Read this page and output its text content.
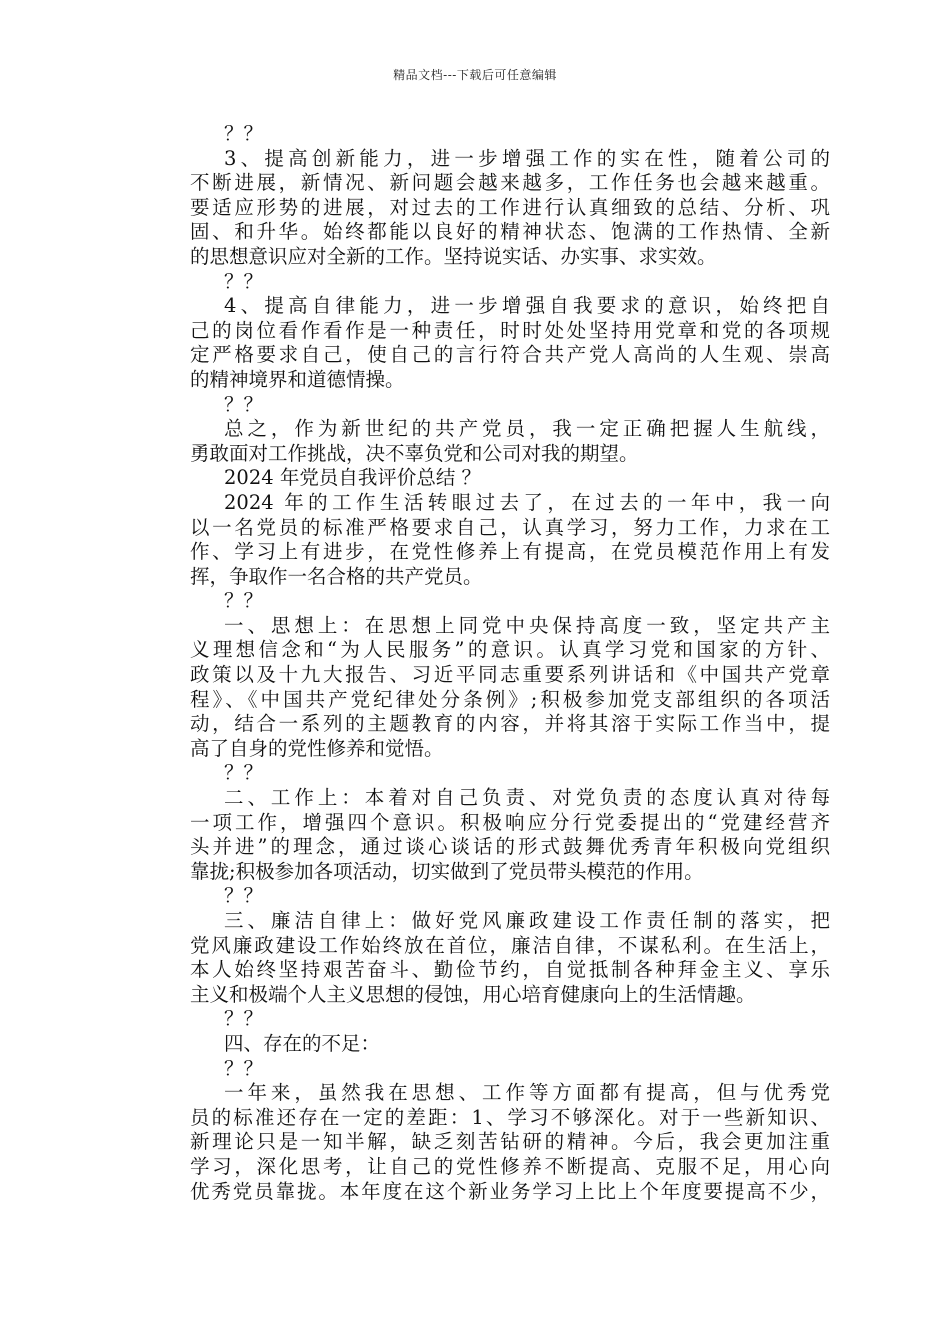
精品文档---下载后可任意编辑
？？
3、提高创新能力，进一步增强工作的实在性，随着公司的
不断进展，新情况、新问题会越来越多，工作任务也会越来越重。
要适应形势的进展，对过去的工作进行认真细致的总结、分析、巩
固、和升华。始终都能以良好的精神状态、饱满的工作热情、全新
的思想意识应对全新的工作。坚持说实话、办实事、求实效。
？？
4、提高自律能力，进一步增强自我要求的意识，始终把自
己的岗位看作看作是一种责任，时时处处坚持用党章和党的各项规
定严格要求自己，使自己的言行符合共产党人高尚的人生观、崇高
的精神境界和道德情操。
？？
总之，作为新世纪的共产党员，我一定正确把握人生航线，
勇敢面对工作挑战，决不辜负党和公司对我的期望。
2024 年党员自我评价总结 ？
2024 年的工作生活转眼过去了，在过去的一年中，我一向
以一名党员的标准严格要求自己，认真学习，努力工作，力求在工
作、学习上有进步，在党性修养上有提高，在党员模范作用上有发
挥，争取作一名合格的共产党员。
？？
一、思想上：在思想上同党中央保持高度一致，坚定共产主
义理想信念和“为人民服务”的意识。认真学习党和国家的方针、
政策以及十九大报告、习近平同志重要系列讲话和《中国共产党章
程》、《中国共产党纪律处分条例》;积极参加党支部组织的各项活
动，结合一系列的主题教育的内容，并将其溶于实际工作当中，提
高了自身的党性修养和觉悟。
？？
二、工作上：本着对自己负责、对党负责的态度认真对待每
一项工作，增强四个意识。积极响应分行党委提出的“党建经营齐
头并进”的理念，通过谈心谈话的形式鼓舞优秀青年积极向党组织
靠拢;积极参加各项活动，切实做到了党员带头模范的作用。
？？
三、廉洁自律上：做好党风廉政建设工作责任制的落实，把
党风廉政建设工作始终放在首位，廉洁自律，不谋私利。在生活上，
本人始终坚持艰苦奋斗、勤俭节约，自觉抵制各种拜金主义、享乐
主义和极端个人主义思想的侵蚀，用心培育健康向上的生活情趣。
？？
四、存在的不足：
？？
一年来，虽然我在思想、工作等方面都有提高，但与优秀党
员的标准还存在一定的差距：1、学习不够深化。对于一些新知识、
新理论只是一知半解，缺乏刻苦钻研的精神。今后，我会更加注重
学习，深化思考，让自己的党性修养不断提高、克服不足，用心向
优秀党员靠拢。本年度在这个新业务学习上比上个年度要提高不少，
